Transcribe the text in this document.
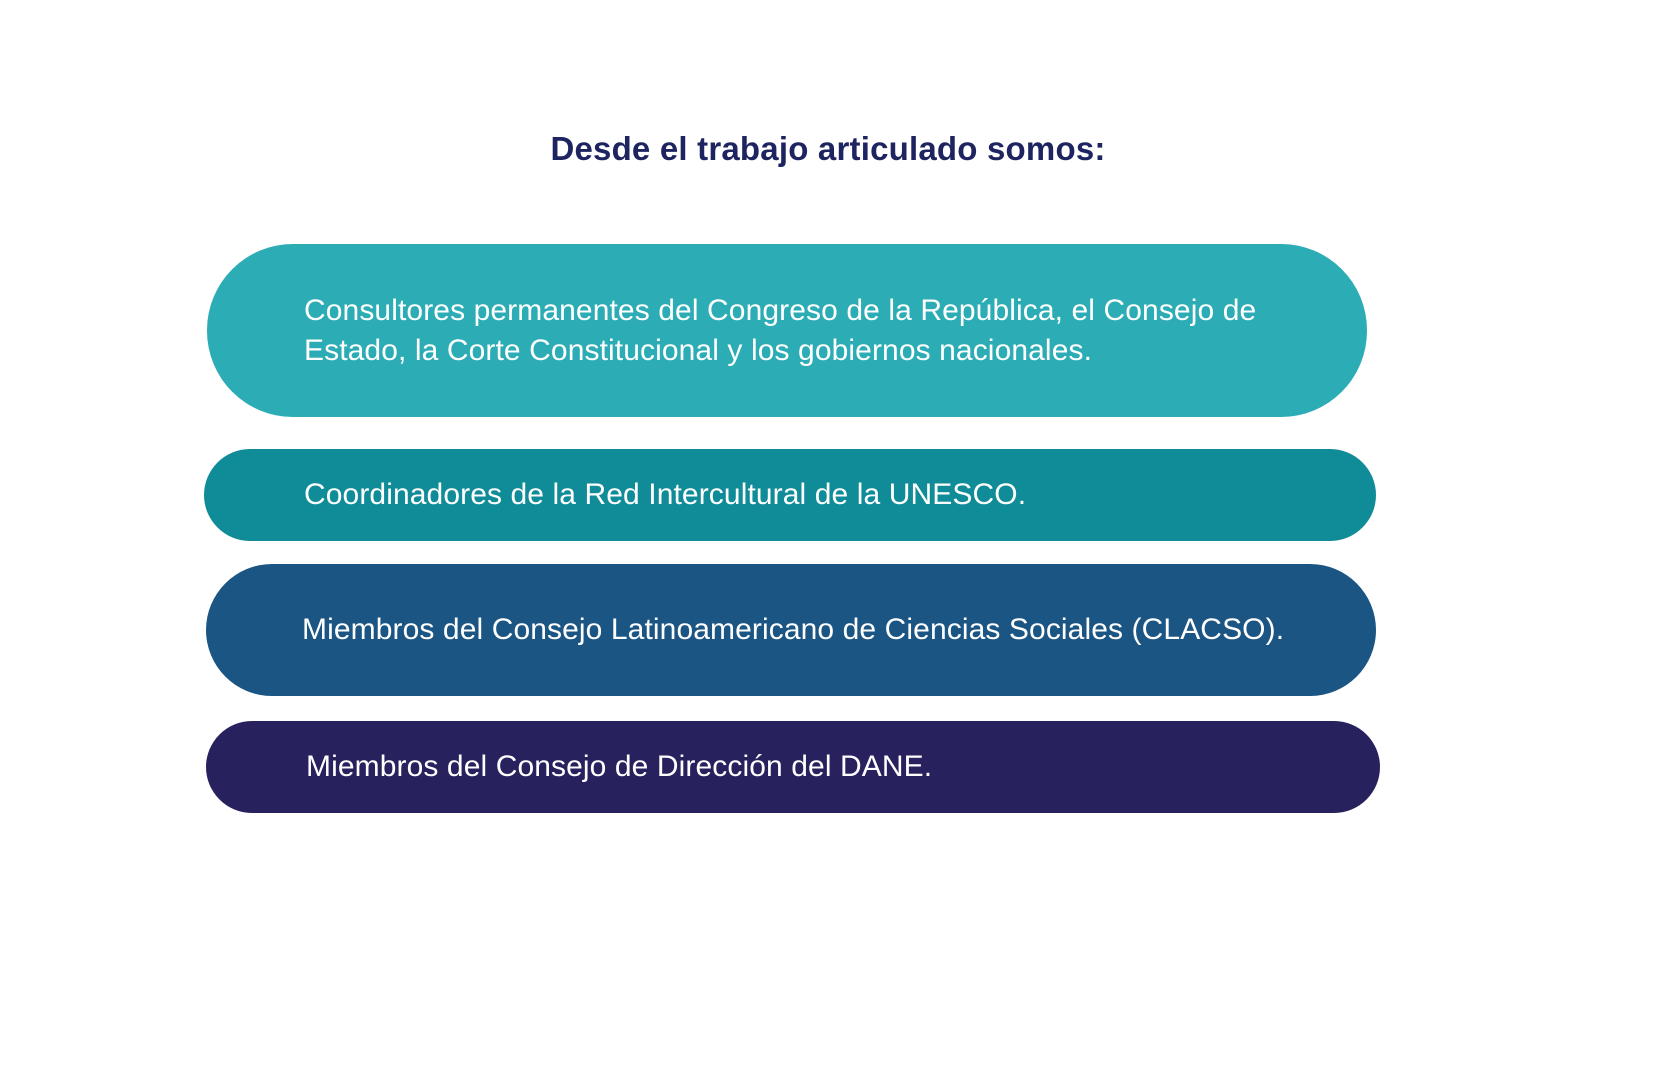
Desde el trabajo articulado somos:
Consultores permanentes del Congreso de la República, el Consejo de Estado, la Corte Constitucional y los gobiernos nacionales.
Coordinadores de la Red Intercultural de la UNESCO.
Miembros del Consejo Latinoamericano de Ciencias Sociales (CLACSO).
Miembros del Consejo de Dirección del DANE.
